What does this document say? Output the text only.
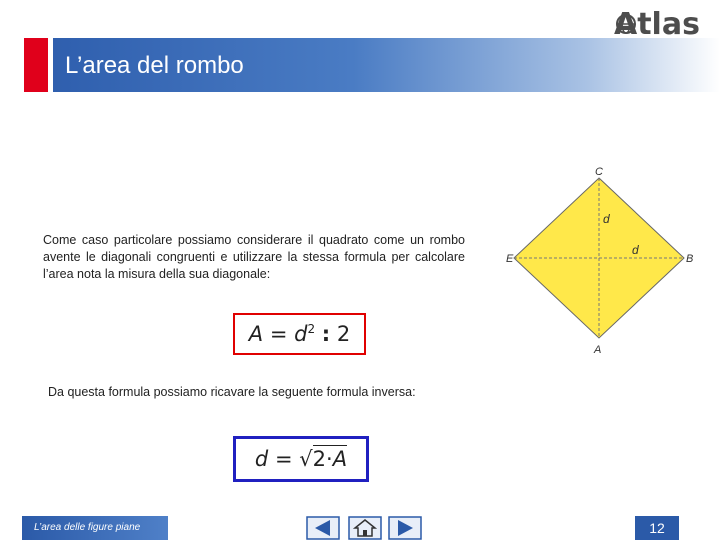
Atlas
L’area del rombo
Come caso particolare possiamo considerare il quadrato come un rombo avente le diagonali congruenti e utilizzare la stessa formula per calcolare l’area nota la misura della sua diagonale:
$A = d^2$ : 2
Da questa formula possiamo ricavare la seguente formula inversa:
d = √2·A
C
A
E	B
d
d
L’area delle figure piane	12
